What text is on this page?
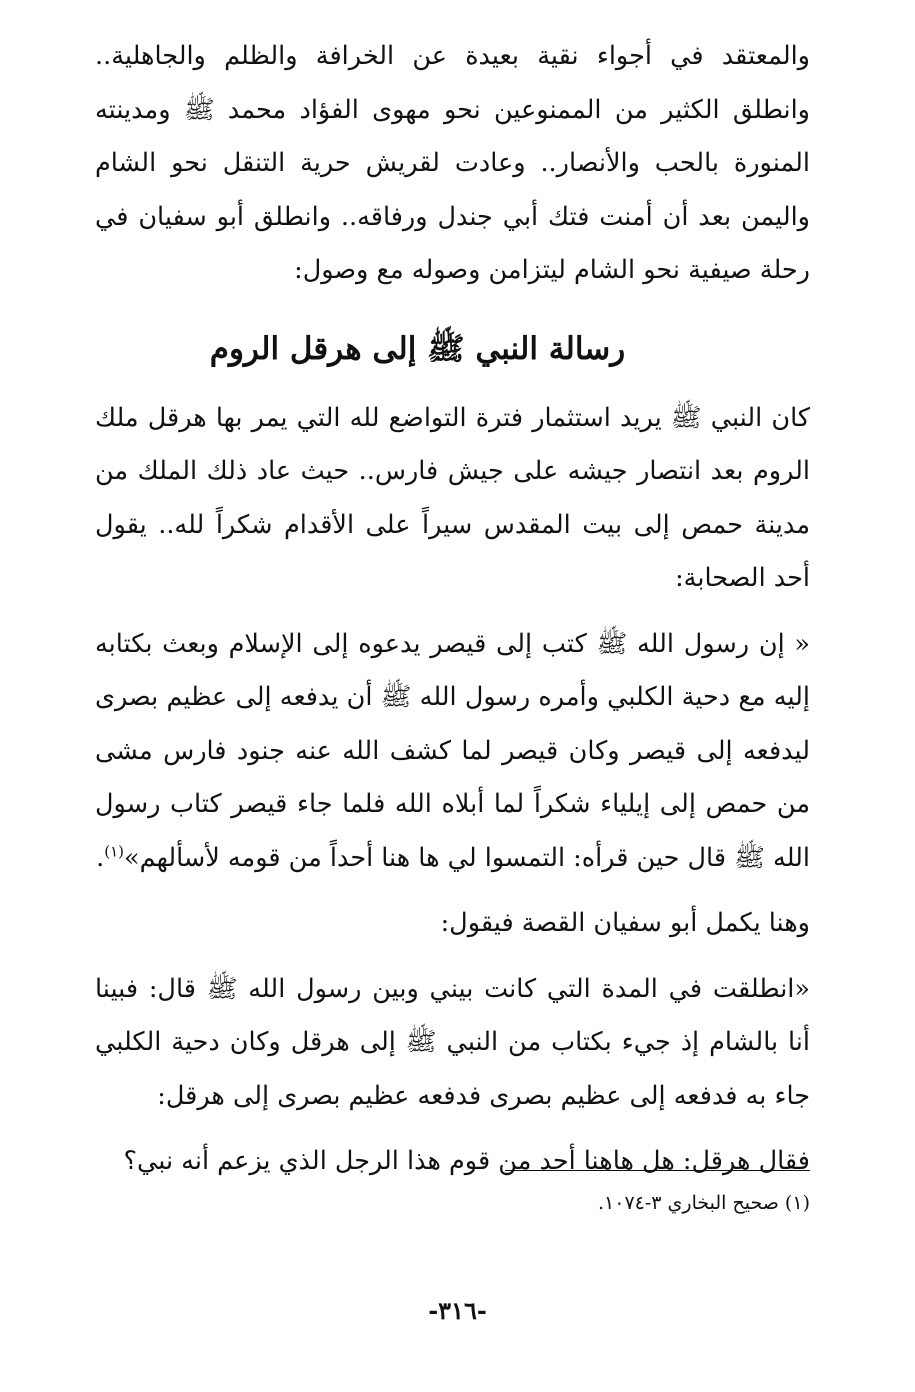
والمعتقد في أجواء نقية بعيدة عن الخرافة والظلم والجاهلية.. وانطلق الكثير من الممنوعين نحو مهوى الفؤاد محمد ﷺ ومدينته المنورة بالحب والأنصار.. وعادت لقريش حرية التنقل نحو الشام واليمن بعد أن أمنت فتك أبي جندل ورفاقه.. وانطلق أبو سفيان في رحلة صيفية نحو الشام ليتزامن وصوله مع وصول:

رسالة النبي ﷺ إلى هرقل الروم

كان النبي ﷺ يريد استثمار فترة التواضع لله التي يمر بها هرقل ملك الروم بعد انتصار جيشه على جيش فارس.. حيث عاد ذلك الملك من مدينة حمص إلى بيت المقدس سيراً على الأقدام شكراً لله.. يقول أحد الصحابة:

« إن رسول الله ﷺ كتب إلى قيصر يدعوه إلى الإسلام وبعث بكتابه إليه مع دحية الكلبي وأمره رسول الله ﷺ أن يدفعه إلى عظيم بصرى ليدفعه إلى قيصر وكان قيصر لما كشف الله عنه جنود فارس مشى من حمص إلى إيلياء شكراً لما أبلاه الله فلما جاء قيصر كتاب رسول الله ﷺ قال حين قرأه: التمسوا لي ها هنا أحداً من قومه لأسألهم»$^{(١)}$.

وهنا يكمل أبو سفيان القصة فيقول:

«انطلقت في المدة التي كانت بيني وبين رسول الله ﷺ قال: فبينا أنا بالشام إذ جيء بكتاب من النبي ﷺ إلى هرقل وكان دحية الكلبي جاء به فدفعه إلى عظيم بصرى فدفعه عظيم بصرى إلى هرقل:

فقال هرقل: هل هاهنا أحد من قوم هذا الرجل الذي يزعم أنه نبي؟

(١) صحيح البخاري ٣-١٠٧٤.
-٣١٦-
